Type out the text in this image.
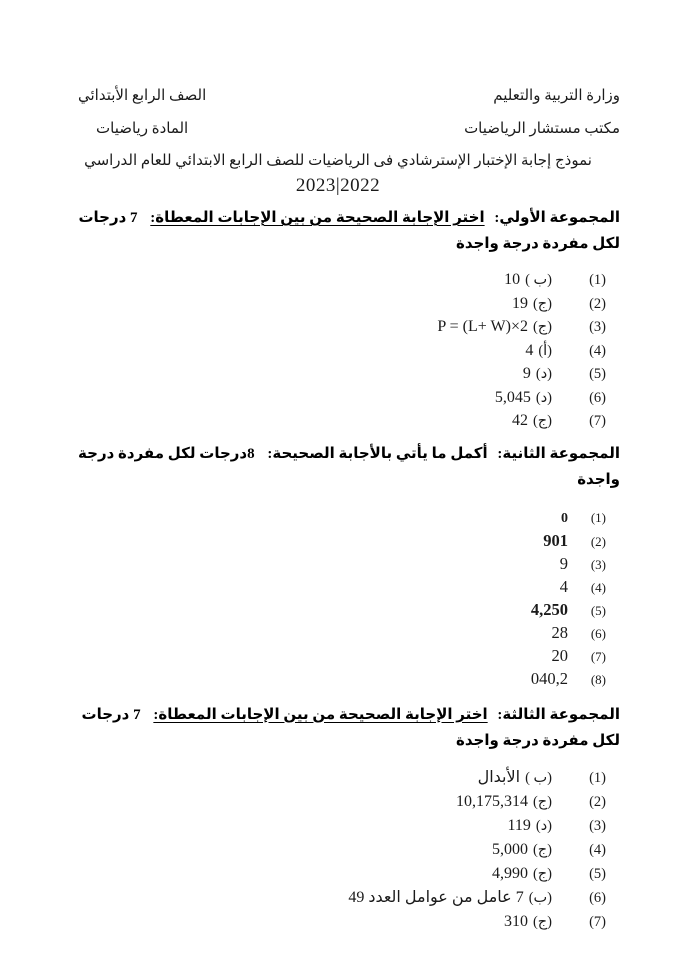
وزارة التربية والتعليم
مكتب مستشار الرياضيات
الصف الرابع الأبتدائي
المادة رياضيات
نموذج إجابة الإختبار الإسترشادي فى الرياضيات للصف الرابع الابتدائي للعام الدراسي
2023|2022
المجموعة الأولي: اختر الإجابة الصحيحة من بين الإجابات المعطاة: 7 درجات لكل مفردة درجة واجدة
(1)
(ب )
10
(2)
(ج)
19
(3)
(ج)
P = (L+ W)×2
(4)
(أ)
4
(5)
(د)
9
(6)
(د)
5,045
(7)
(ج)
42
المجموعة الثانية: أكمل ما يأتي بالأجابة الصحيحة: 8درجات لكل مفردة درجة واجدة
(1)
0
(2)
901
(3)
9
(4)
4
(5)
4,250
(6)
28
(7)
20
(8)
040,2
المجموعة الثالثة: اختر الإجابة الصحيحة من بين الإجابات المعطاة: 7 درجات لكل مفردة درجة واجدة
(1)
(ب )
الأبدال
(2)
(ج)
10,175,314
(3)
(د)
119
(4)
(ج)
5,000
(5)
(ج)
4,990
(6)
(ب)
7 عامل من عوامل العدد 49
(7)
(ج)
310
